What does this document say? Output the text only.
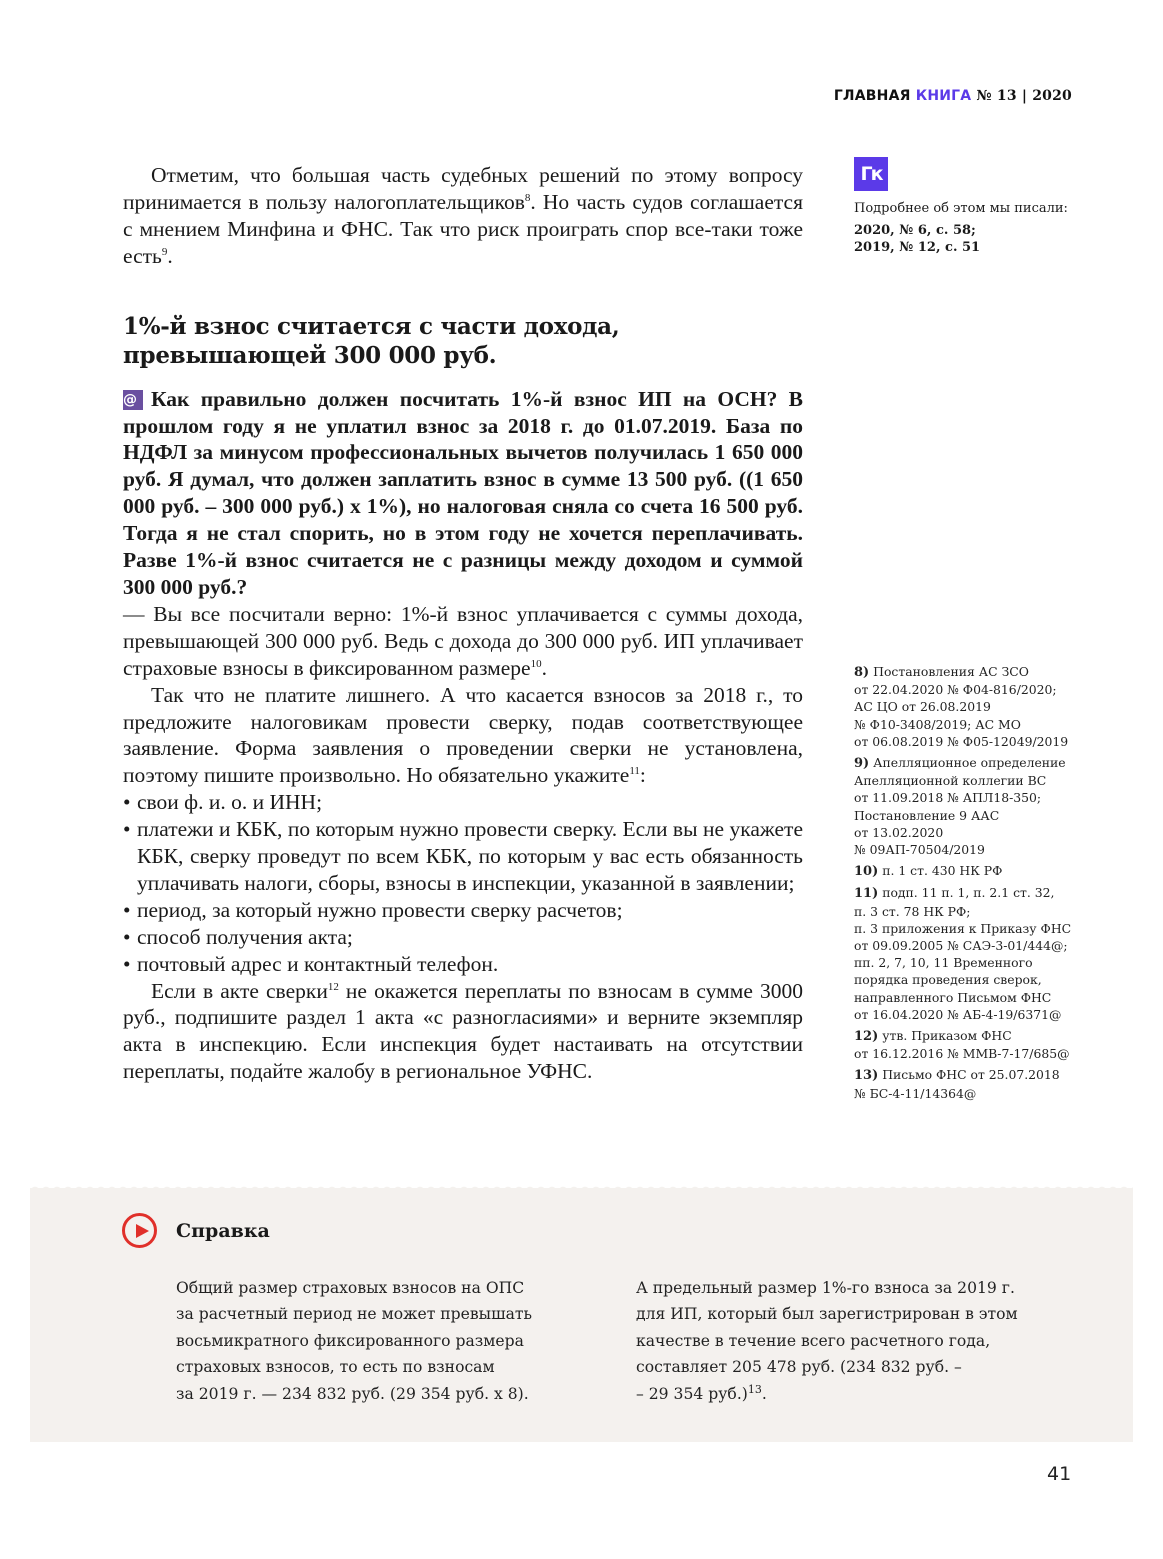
ГЛАВНАЯ КНИГА № 13 | 2020
Гк
Подробнее об этом мы писали:
2020, № 6, с. 58;
2019, № 12, с. 51

Отметим, что большая часть судебных решений по этому вопросу принимается в пользу налогоплательщиков$^8$. Но часть судов соглашается с мнением Минфина и ФНС. Так что риск проиграть спор все-таки тоже есть$^9$.

1%-й взнос считается с части дохода,
превышающей 300 000 руб.

@ Как правильно должен посчитать 1%-й взнос ИП на ОСН? В прошлом году я не уплатил взнос за 2018 г. до 01.07.2019. База по НДФЛ за минусом профессиональных вычетов получилась 1 650 000 руб. Я думал, что должен заплатить взнос в сумме 13 500 руб. ((1 650 000 руб. – 300 000 руб.) х 1%), но налоговая сняла со счета 16 500 руб. Тогда я не стал спорить, но в этом году не хочется переплачивать. Разве 1%-й взнос считается не с разницы между доходом и суммой 300 000 руб.?

— Вы все посчитали верно: 1%-й взнос уплачивается с суммы дохода, превышающей 300 000 руб. Ведь с дохода до 300 000 руб. ИП уплачивает страховые взносы в фиксированном размере$^{10}$.

Так что не платите лишнего. А что касается взносов за 2018 г., то предложите налоговикам провести сверку, подав соответствующее заявление. Форма заявления о проведении сверки не установлена, поэтому пишите произвольно. Но обязательно укажите$^{11}$:

• свои ф. и. о. и ИНН;
• платежи и КБК, по которым нужно провести сверку. Если вы не укажете КБК, сверку проведут по всем КБК, по которым у вас есть обязанность уплачивать налоги, сборы, взносы в инспекции, указанной в заявлении;
• период, за который нужно провести сверку расчетов;
• способ получения акта;
• почтовый адрес и контактный телефон.

Если в акте сверки$^{12}$ не окажется переплаты по взносам в сумме 3000 руб., подпишите раздел 1 акта «с разногласиями» и верните экземпляр акта в инспекцию. Если инспекция будет настаивать на отсутствии переплаты, подайте жалобу в региональное УФНС.

8) Постановления АС ЗСО
от 22.04.2020 № Ф04-816/2020;
АС ЦО от 26.08.2019
№ Ф10-3408/2019; АС МО
от 06.08.2019 № Ф05-12049/2019
9) Апелляционное определение
Апелляционной коллегии ВС
от 11.09.2018 № АПЛ18-350;
Постановление 9 ААС
от 13.02.2020
№ 09АП-70504/2019
10) п. 1 ст. 430 НК РФ
11) подп. 11 п. 1, п. 2.1 ст. 32,
п. 3 ст. 78 НК РФ;
п. 3 приложения к Приказу ФНС
от 09.09.2005 № САЭ-3-01/444@;
пп. 2, 7, 10, 11 Временного
порядка проведения сверок,
направленного Письмом ФНС
от 16.04.2020 № АБ-4-19/6371@
12) утв. Приказом ФНС
от 16.12.2016 № ММВ-7-17/685@
13) Письмо ФНС от 25.07.2018
№ БС-4-11/14364@
Справка
Общий размер страховых взносов на ОПС
за расчетный период не может превышать
восьмикратного фиксированного размера
страховых взносов, то есть по взносам
за 2019 г. — 234 832 руб. (29 354 руб. х 8).
А предельный размер 1%-го взноса за 2019 г.
для ИП, который был зарегистрирован в этом
качестве в течение всего расчетного года,
составляет 205 478 руб. (234 832 руб. –
– 29 354 руб.)$^{13}$.
41
